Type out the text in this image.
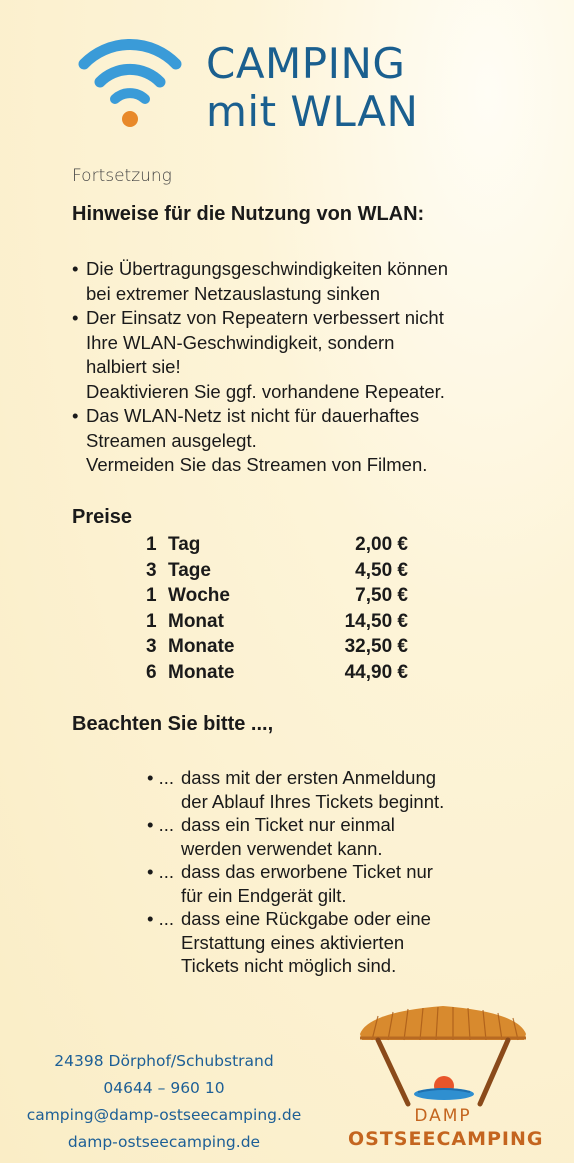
CAMPING
mit WLAN
Fortsetzung
Hinweise für die Nutzung von WLAN:
• Die Übertragungsgeschwindigkeiten können

bei extremer Netzauslastung sinken

• Der Einsatz von Repeatern verbessert nicht

Ihre WLAN-Geschwindigkeit, sondern

halbiert sie!

Deaktivieren Sie ggf. vorhandene Repeater.

• Das WLAN-Netz ist nicht für dauerhaftes

Streamen ausgelegt.

Vermeiden Sie das Streamen von Filmen.

Preise
1 Tag	2,00 €
3 Tage	4,50 €
1 Woche	7,50 €
1 Monat	14,50 €
3 Monate	32,50 €
6 Monate	44,90 €
Beachten Sie bitte ...,
• ... dass mit der ersten Anmeldung
der Ablauf Ihres Tickets beginnt.
• ... dass ein Ticket nur einmal
werden verwendet kann.
• ... dass das erworbene Ticket nur
für ein Endgerät gilt.
• ... dass eine Rückgabe oder eine
Erstattung eines aktivierten
Tickets nicht möglich sind.
24398 Dörphof/Schubstrand
04644 – 960 10
camping@damp-ostseecamping.de
damp-ostseecamping.de
DAMP
OSTSEECAMPING
